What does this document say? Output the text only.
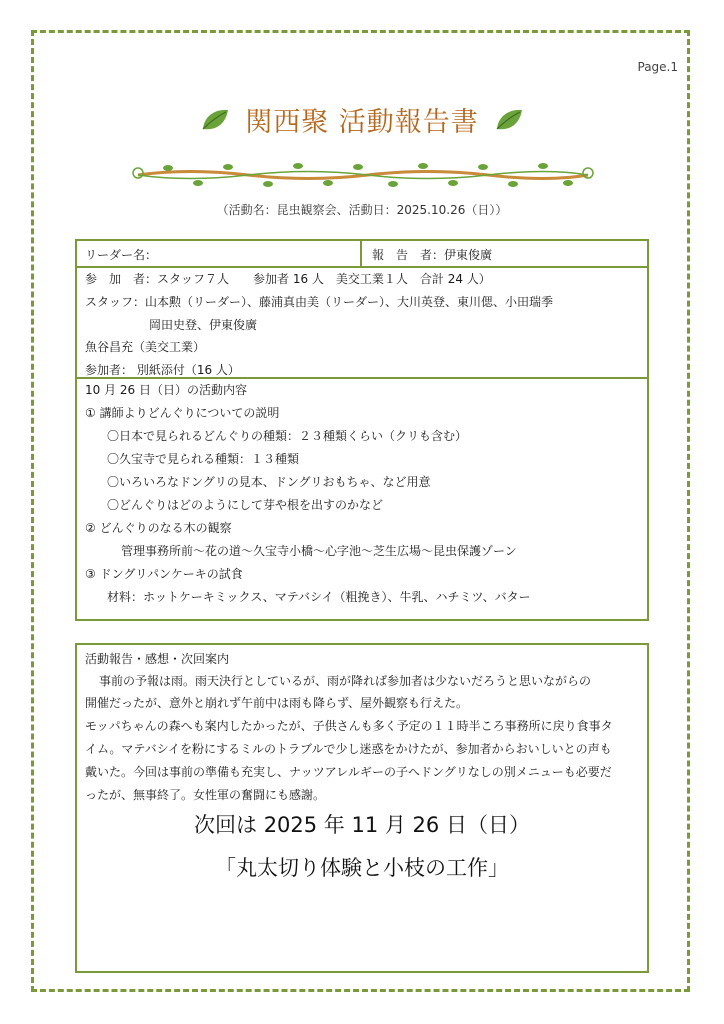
Page.1
関西聚 活動報告書
（活動名：昆虫観察会、活動日：2025.10.26（日））
リーダー名：	報　告　者：伊東俊廣
参　加　者：スタッフ７人　　参加者 16 人　美交工業１人　合計 24 人）
スタッフ：山本勲（リーダー）、藤浦真由美（リーダー）、大川英登、東川偲、小田瑞季
岡田史登、伊東俊廣
魚谷昌充（美交工業）
参加者： 別紙添付（16 人）
10 月 26 日（日）の活動内容
① 講師よりどんぐりについての説明
〇日本で見られるどんぐりの種類：２３種類くらい（クリも含む）
〇久宝寺で見られる種類：１３種類
〇いろいろなドングリの見本、ドングリおもちゃ、など用意
〇どんぐりはどのようにして芽や根を出すのかなど
② どんぐりのなる木の観察
管理事務所前〜花の道〜久宝寺小橋〜心字池〜芝生広場〜昆虫保護ゾーン
③ ドングリパンケーキの試食
材料：ホットケーキミックス、マテバシイ（粗挽き）、牛乳、ハチミツ、バター
活動報告・感想・次回案内
事前の予報は雨。雨天決行としているが、雨が降れば参加者は少ないだろうと思いながらの
開催だったが、意外と崩れず午前中は雨も降らず、屋外観察も行えた。
モッパちゃんの森へも案内したかったが、子供さんも多く予定の１１時半ころ事務所に戻り食事タ
イム。マテバシイを粉にするミルのトラブルで少し迷惑をかけたが、参加者からおいしいとの声も
戴いた。今回は事前の準備も充実し、ナッツアレルギーの子へドングリなしの別メニューも必要だ
ったが、無事終了。女性軍の奮闘にも感謝。
次回は 2025 年 11 月 26 日（日）
「丸太切り体験と小枝の工作」
